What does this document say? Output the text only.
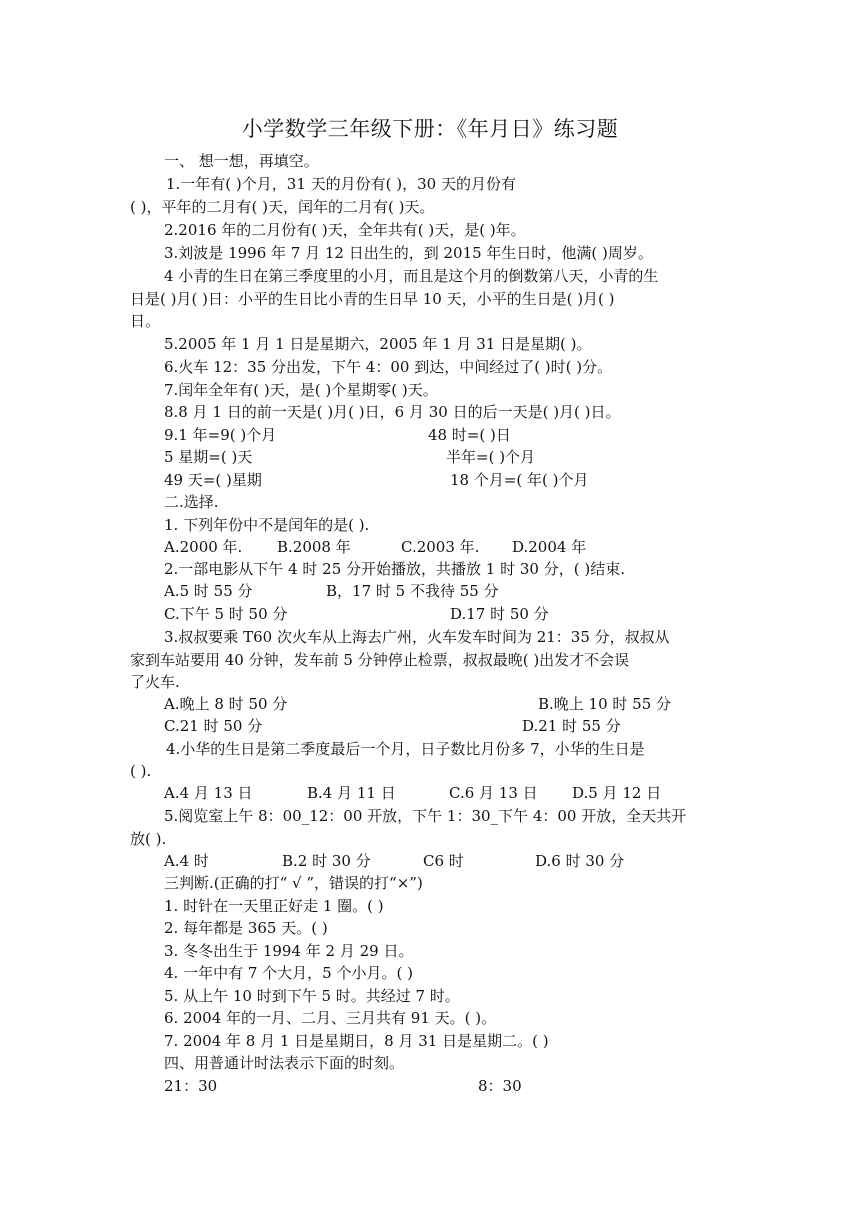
小学数学三年级下册：《年月日》练习题
一、 想一想，再填空。
1.一年有( )个月，31 天的月份有( )，30 天的月份有
( )，平年的二月有( )天，闰年的二月有( )天。
2.2016 年的二月份有( )天，全年共有( )天，是( )年。
3.刘波是 1996 年 7 月 12 日出生的，到 2015 年生日时，他满( )周岁。
4 小青的生日在第三季度里的小月，而且是这个月的倒数第八天，小青的生
日是( )月( )日：小平的生日比小青的生日早 10 天，小平的生日是( )月( )
日。
5.2005 年 1 月 1 日是星期六，2005 年 1 月 31 日是星期( )。
6.火车 12：35 分出发，下午 4：00 到达，中间经过了( )时( )分。
7.闰年全年有( )天，是( )个星期零( )天。
8.8 月 1 日的前一天是( )月( )日，6 月 30 日的后一天是( )月( )日。
9.1 年=9( )个月	48 时=( )日
5 星期=( )天	半年=( )个月
49 天=( )星期	18 个月=( 年( )个月
二.选择.
1. 下列年份中不是闰年的是( ).
A.2000 年. B.2008 年	C.2003 年. D.2004 年
2.一部电影从下午 4 时 25 分开始播放，共播放 1 时 30 分，( )结束.
A.5 时 55 分	B，17 时 5 不我待 55 分
C.下午 5 时 50 分	D.17 时 50 分
3.叔叔要乘 T60 次火车从上海去广州，火车发车时间为 21：35 分，叔叔从
家到车站要用 40 分钟，发车前 5 分钟停止检票，叔叔最晚( )出发才不会误
了火车.
A.晚上 8 时 50 分	B.晚上 10 时 55 分
C.21 时 50 分	D.21 时 55 分
4.小华的生日是第二季度最后一个月，日子数比月份多 7，小华的生日是
( ).
A.4 月 13 日	B.4 月 11 日	C.6 月 13 日 D.5 月 12 日
5.阅览室上午 8：00_12：00 开放，下午 1：30_下午 4：00 开放，全天共开
放( ).
A.4 时	B.2 时 30 分	C6 时	D.6 时 30 分
三判断.(正确的打“ √ ”，错误的打“×”)
1. 时针在一天里正好走 1 圈。( )
2. 每年都是 365 天。( )
3. 冬冬出生于 1994 年 2 月 29 日。
4. 一年中有 7 个大月，5 个小月。( )
5. 从上午 10 时到下午 5 时。共经过 7 时。
6. 2004 年的一月、二月、三月共有 91 天。( )。
7. 2004 年 8 月 1 日是星期日，8 月 31 日是星期二。( )
四、用普通计时法表示下面的时刻。
21：30	8：30
